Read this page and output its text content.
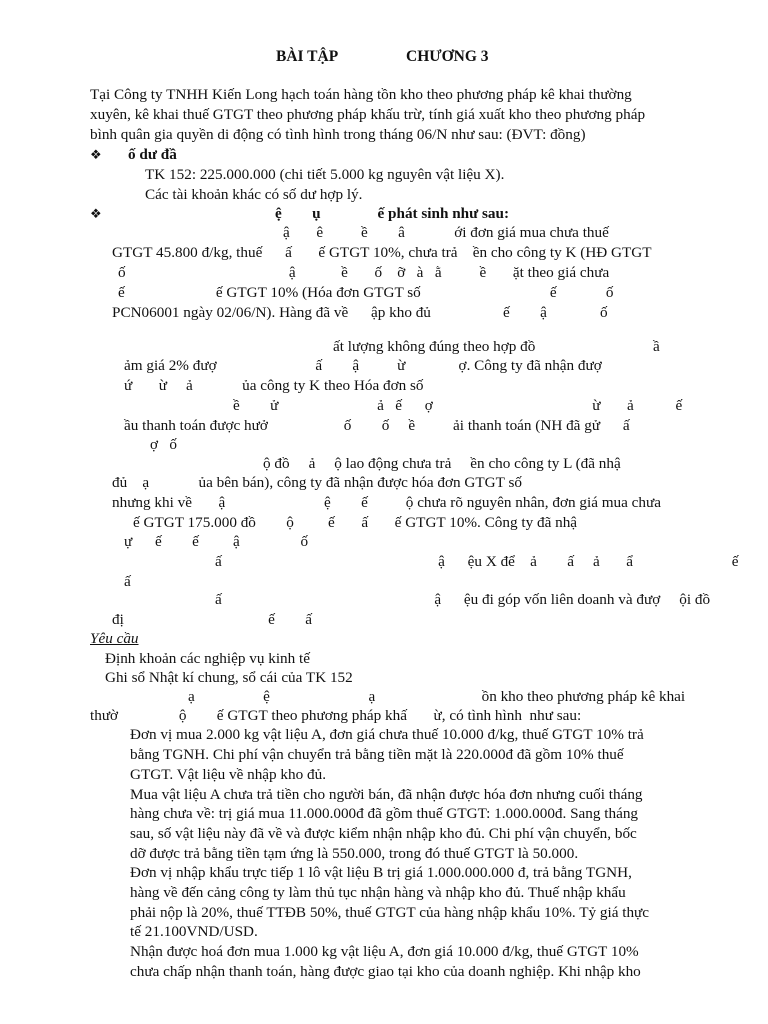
BÀI TẬP	CHƯƠNG 3
Tại Công ty TNHH Kiến Long hạch toán hàng tồn kho theo phương pháp kê khai thường
xuyên, kê khai thuế GTGT theo phương pháp khấu trừ, tính giá xuất kho theo phương pháp
bình quân gia quyền di động có tình hình trong tháng 06/N như sau: (ĐVT: đồng)
❖ ố dư đầ
TK 152: 225.000.000 (chi tiết 5.000 kg nguyên vật liệu X).
Các tài khoản khác có số dư hợp lý.
❖	ệ        ụ               ế phát sinh như sau:
ậ       ê          ề        â             ới đơn giá mua chưa thuế
GTGT 45.800 đ/kg, thuế      ấ       ế GTGT 10%, chưa trả    ền cho công ty K (HĐ GTGT
ố                                           ậ            ề       ố    ỡ   à   ằ          ề       ặt theo giá chưa
ế                        ế GTGT 10% (Hóa đơn GTGT số                                  ế             ố
PCN06001 ngày 02/06/N). Hàng đã về      ập kho đủ                   ế        ậ              ố
ất lượng không đúng theo hợp đồ                               ầ
ảm giá 2% đượ                          ấ        ậ          ừ              ợ. Công ty đã nhận đượ
ứ       ừ     ả             ủa công ty K theo Hóa đơn số
ề        ử                          ả   ế      ợ                                          ừ       ả           ế
ầu thanh toán được hưở                    ố        ố     ề          ải thanh toán (NH đã gử      ấ
ợ   ố
ộ đồ     ả     ộ lao động chưa trả     ền cho công ty L (đã nhậ
đủ    ạ             ủa bên bán), công ty đã nhận được hóa đơn GTGT số
nhưng khi về       ậ                          ệ        ế          ộ chưa rõ nguyên nhân, đơn giá mua chưa
ế GTGT 175.000 đồ        ộ         ế       ấ       ế GTGT 10%. Công ty đã nhậ
ự      ế        ế         ậ                ố
ấ                                                         ậ      ệu X để    ả        ấ     ả       ẩ                          ế
ấ
ấ                                                        ậ      ệu đi góp vốn liên doanh và đượ     ội đồ
đị                                      ế        ấ
Yêu cầu
Định khoản các nghiệp vụ kinh tế
Ghi sổ Nhật kí chung, sổ cái của TK 152
ạ                  ệ                          ạ                            ồn kho theo phương pháp kê khai
thườ                ộ        ế GTGT theo phương pháp khấ       ừ, có tình hình  như sau:
Đơn vị mua 2.000 kg vật liệu A, đơn giá chưa thuế 10.000 đ/kg, thuế GTGT 10% trả
bằng TGNH. Chi phí vận chuyển trả bằng tiền mặt là 220.000đ đã gồm 10% thuế
GTGT. Vật liệu về nhập kho đủ.
Mua vật liệu A chưa trả tiền cho người bán, đã nhận được hóa đơn nhưng cuối tháng
hàng chưa về: trị giá mua 11.000.000đ đã gồm thuế GTGT: 1.000.000đ. Sang tháng
sau, số vật liệu này đã về và được kiểm nhận nhập kho đủ. Chi phí vận chuyển, bốc
dỡ được trả bằng tiền tạm ứng là 550.000, trong đó thuế GTGT là 50.000.
Đơn vị nhập khẩu trực tiếp 1 lô vật liệu B trị giá 1.000.000.000 đ, trả bằng TGNH,
hàng về đến cảng công ty làm thủ tục nhận hàng và nhập kho đủ. Thuế nhập khẩu
phải nộp là 20%, thuế TTĐB 50%, thuế GTGT của hàng nhập khẩu 10%. Tỷ giá thực
tế 21.100VND/USD.
Nhận được hoá đơn mua 1.000 kg vật liệu A, đơn giá 10.000 đ/kg, thuế GTGT 10%
chưa chấp nhận thanh toán, hàng được giao tại kho của doanh nghiệp. Khi nhập kho
